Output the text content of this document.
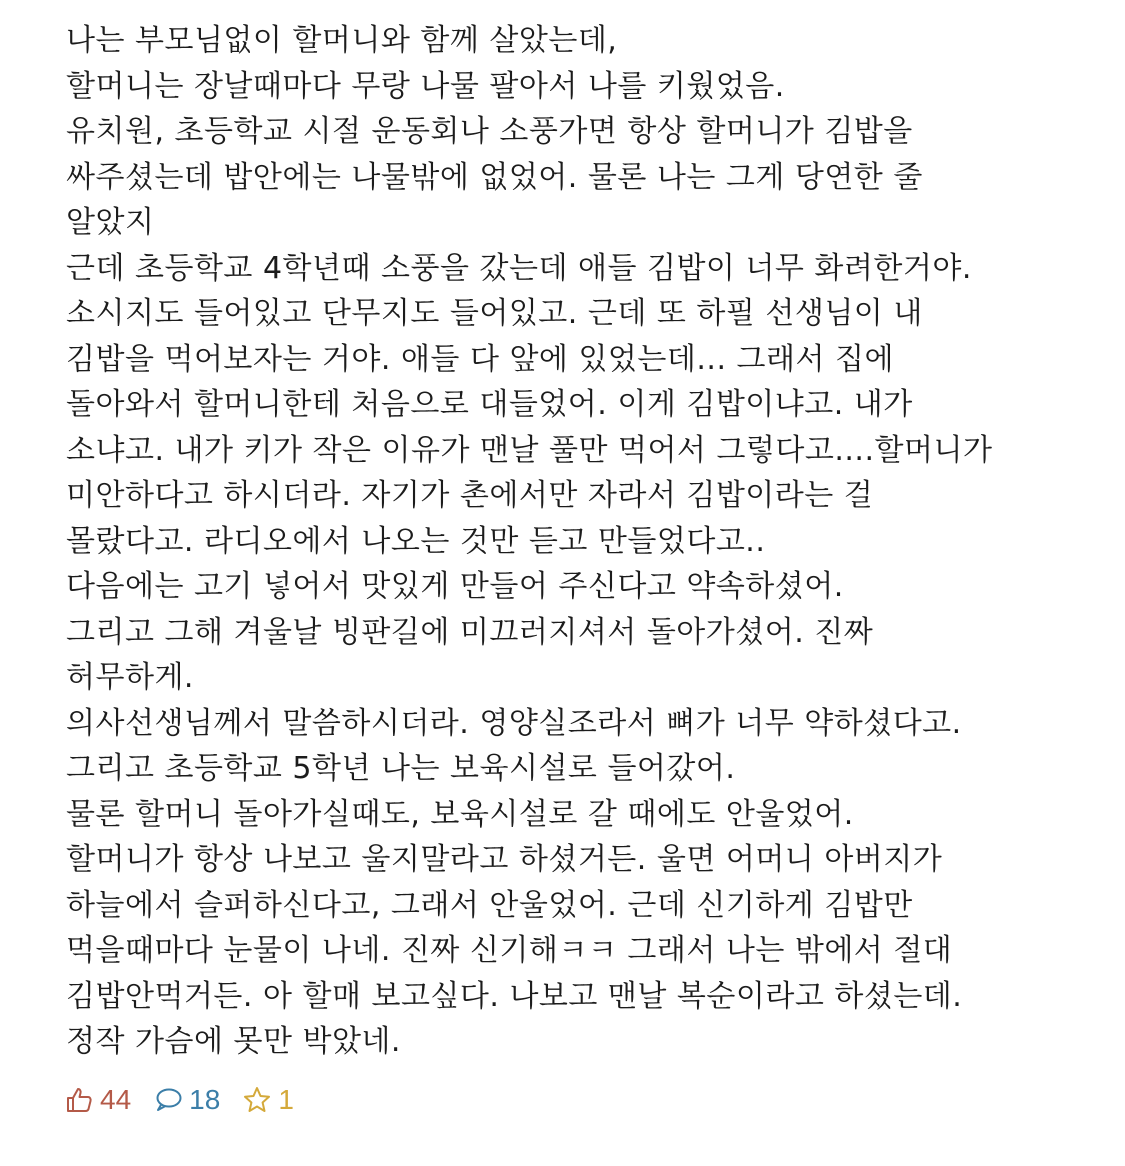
나는 부모님없이 할머니와 함께 살았는데,
할머니는 장날때마다 무랑 나물 팔아서 나를 키웠었음.
유치원, 초등학교 시절 운동회나 소풍가면 항상 할머니가 김밥을
싸주셨는데 밥안에는 나물밖에 없었어. 물론 나는 그게 당연한 줄
알았지
근데 초등학교 4학년때 소풍을 갔는데 애들 김밥이 너무 화려한거야.
소시지도 들어있고 단무지도 들어있고. 근데 또 하필 선생님이 내
김밥을 먹어보자는 거야. 애들 다 앞에 있었는데... 그래서 집에
돌아와서 할머니한테 처음으로 대들었어. 이게 김밥이냐고. 내가
소냐고. 내가 키가 작은 이유가 맨날 풀만 먹어서 그렇다고....할머니가
미안하다고 하시더라. 자기가 촌에서만 자라서 김밥이라는 걸
몰랐다고. 라디오에서 나오는 것만 듣고 만들었다고..
다음에는 고기 넣어서 맛있게 만들어 주신다고 약속하셨어.
그리고 그해 겨울날 빙판길에 미끄러지셔서 돌아가셨어. 진짜
허무하게.
의사선생님께서 말씀하시더라. 영양실조라서 뼈가 너무 약하셨다고.
그리고 초등학교 5학년 나는 보육시설로 들어갔어.
물론 할머니 돌아가실때도, 보육시설로 갈 때에도 안울었어.
할머니가 항상 나보고 울지말라고 하셨거든. 울면 어머니 아버지가
하늘에서 슬퍼하신다고, 그래서 안울었어. 근데 신기하게 김밥만
먹을때마다 눈물이 나네. 진짜 신기해ㅋㅋ 그래서 나는 밖에서 절대
김밥안먹거든. 아 할매 보고싶다. 나보고 맨날 복순이라고 하셨는데.
정작 가슴에 못만 박았네.
44 18 1
